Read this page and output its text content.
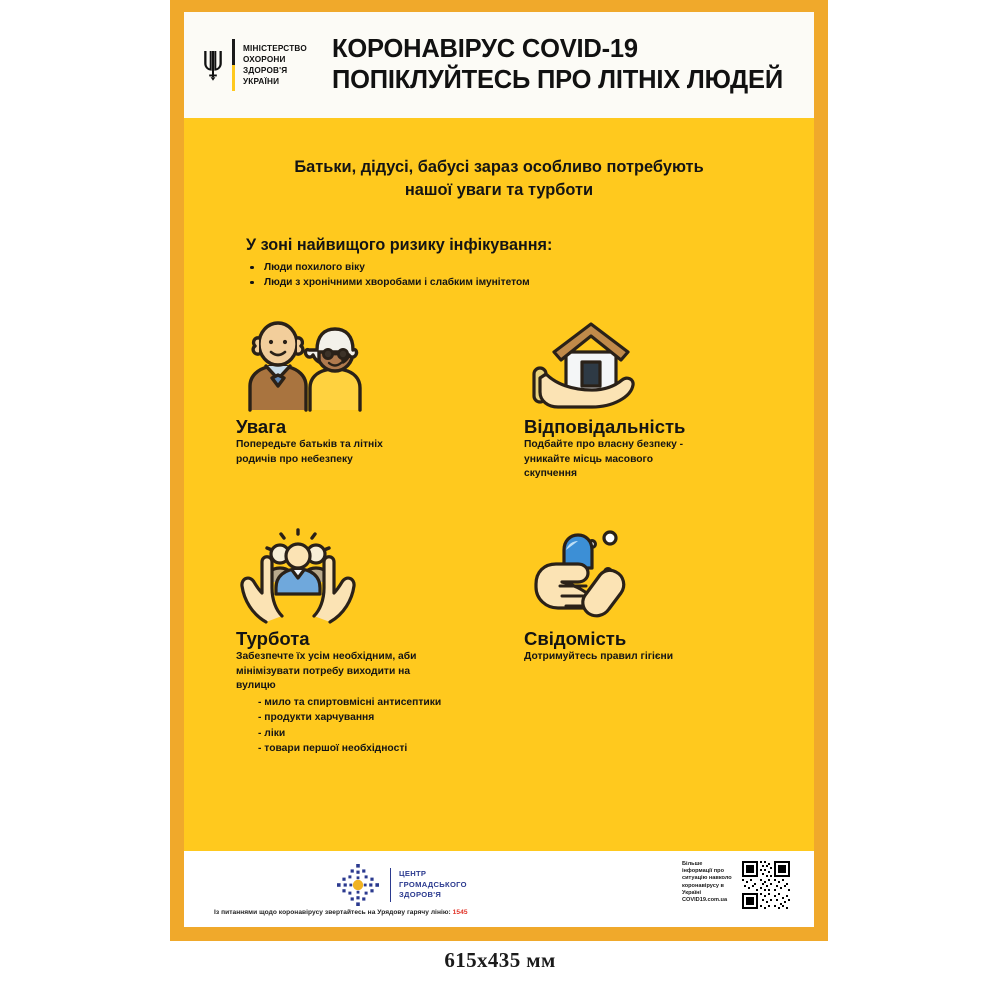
МІНІСТЕРСТВО
ОХОРОНИ
ЗДОРОВ'Я
УКРАЇНИ
КОРОНАВІРУС COVID-19
ПОПІКЛУЙТЕСЬ ПРО ЛІТНІХ ЛЮДЕЙ
Батьки, дідусі, бабусі зараз особливо потребують
нашої уваги та турботи
У зоні найвищого ризику інфікування:
Люди похилого віку
Люди з хронічними хворобами і слабким імунітетом
Увага
Попередьте батьків та літніх
родичів про небезпеку
Відповідальність
Подбайте про власну безпеку -
уникайте місць масового
скупчення
Турбота
Забезпечте їх усім необхідним, аби
мінімізувати потребу виходити на
вулицю
- мило та спиртовмісні антисептики
- продукти харчування
- ліки
- товари першої необхідності
Свідомість
Дотримуйтесь правил гігієни
ЦЕНТР
ГРОМАДСЬКОГО
ЗДОРОВ'Я
Із питаннями щодо коронавірусу звертайтесь на Урядову гарячу лінію: 1545
Більше
інформації про
ситуацію навколо
коронавірусу в
Україні
COVID19.com.ua
615x435 мм
